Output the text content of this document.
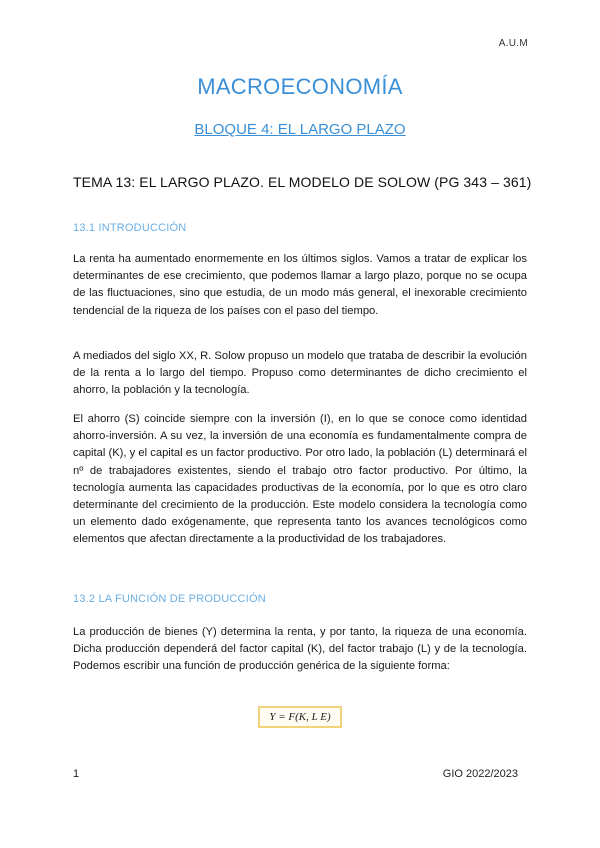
A.U.M
MACROECONOMÍA
BLOQUE 4: EL LARGO PLAZO
TEMA 13: EL LARGO PLAZO. EL MODELO DE SOLOW (PG 343 – 361)
13.1 INTRODUCCIÓN
La renta ha aumentado enormemente en los últimos siglos. Vamos a tratar de explicar los determinantes de ese crecimiento, que podemos llamar a largo plazo, porque no se ocupa de las fluctuaciones, sino que estudia, de un modo más general, el inexorable crecimiento tendencial de la riqueza de los países con el paso del tiempo.
A mediados del siglo XX, R. Solow propuso un modelo que trataba de describir la evolución de la renta a lo largo del tiempo. Propuso como determinantes de dicho crecimiento el ahorro, la población y la tecnología.
El ahorro (S) coincide siempre con la inversión (I), en lo que se conoce como identidad ahorro-inversión. A su vez, la inversión de una economía es fundamentalmente compra de capital (K), y el capital es un factor productivo. Por otro lado, la población (L) determinará el nº de trabajadores existentes, siendo el trabajo otro factor productivo. Por último, la tecnología aumenta las capacidades productivas de la economía, por lo que es otro claro determinante del crecimiento de la producción. Este modelo considera la tecnología como un elemento dado exógenamente, que representa tanto los avances tecnológicos como elementos que afectan directamente a la productividad de los trabajadores.
13.2 LA FUNCIÓN DE PRODUCCIÓN
La producción de bienes (Y) determina la renta, y por tanto, la riqueza de una economía. Dicha producción dependerá del factor capital (K), del factor trabajo (L) y de la tecnología. Podemos escribir una función de producción genérica de la siguiente forma:
Y = F(K, L E)
1	GIO 2022/2023
